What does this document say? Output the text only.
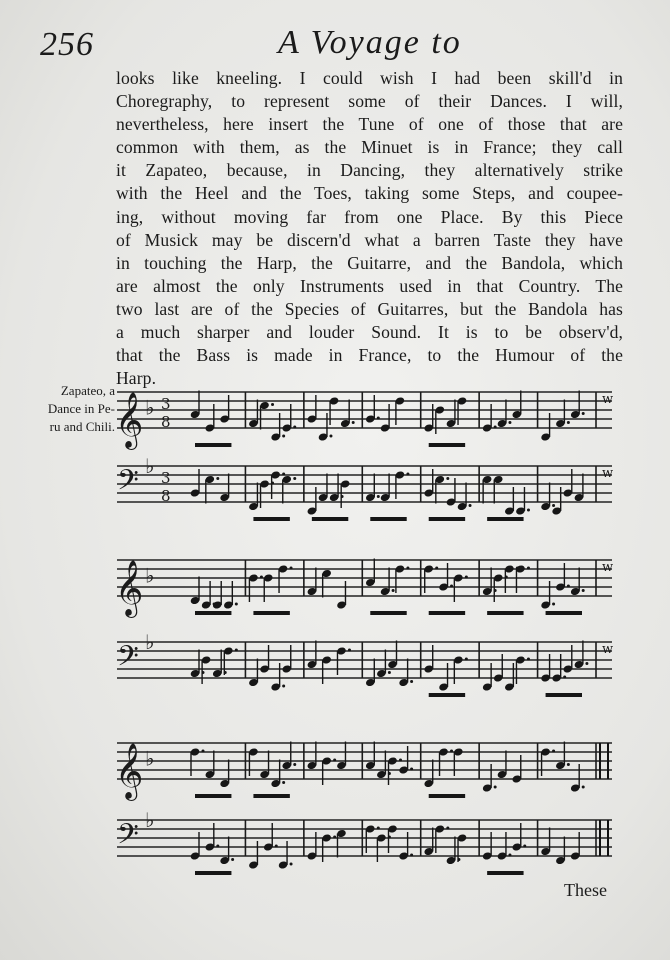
256	A Voyage to
looks like kneeling. I could wish I had been skill'd in
Choregraphy, to represent some of their Dances. I will,
nevertheless, here insert the Tune of one of those that are
common with them, as the Minuet is in France; they call
it Zapateo, because, in Dancing, they alternatively strike
with the Heel and the Toes, taking some Steps, and coupee-
ing, without moving far from one Place. By this Piece
of Musick may be discern'd what a barren Taste they have
in touching the Harp, the Guitarre, and the Bandola, which
are almost the only Instruments used in that Country. The
two last are of the Species of Guitarres, but the Bandola has
a much sharper and louder Sound. It is to be observ'd,
that the Bass is made in France, to the Humour of the
Harp.
Zapateo, a
Dance in Pe-
ru and Chili. 𝄞 ♭ 3
8
w
𝄢 ♭ 3
8
w
𝄞 ♭	w
𝄢 ♭	w
𝄞 ♭
𝄢 ♭
These
